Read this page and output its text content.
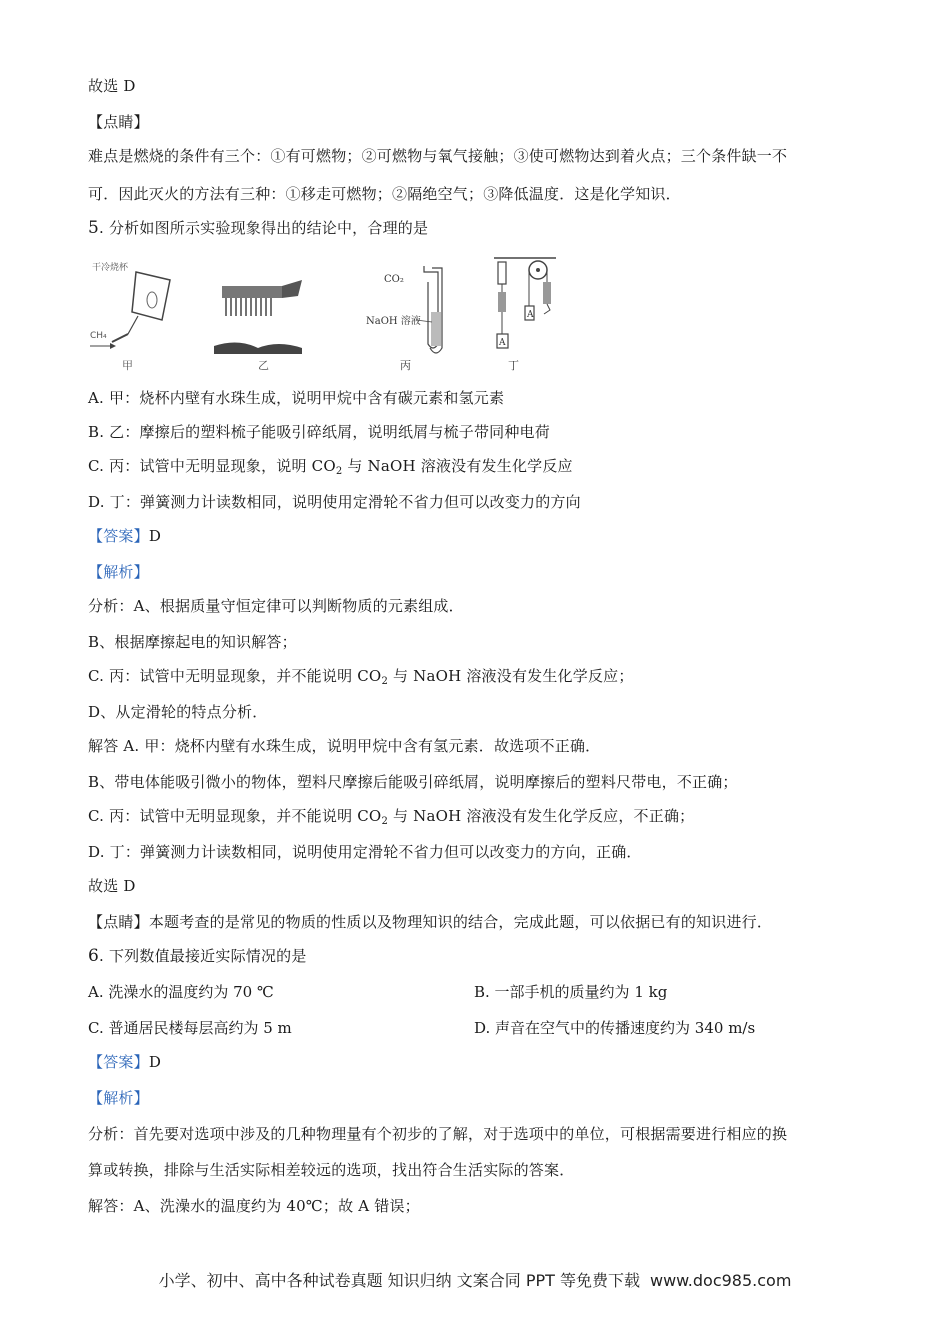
故选 D
【点睛】
难点是燃烧的条件有三个：①有可燃物；②可燃物与氧气接触；③使可燃物达到着火点；三个条件缺一不
可．因此灭火的方法有三种：①移走可燃物；②隔绝空气；③降低温度．这是化学知识．
5. 分析如图所示实验现象得出的结论中，合理的是
干冷烧杯
CH₄
甲	乙
CO₂
NaOH 溶液
丙
A
A
丁
A. 甲：烧杯内壁有水珠生成，说明甲烷中含有碳元素和氢元素
B. 乙：摩擦后的塑料梳子能吸引碎纸屑，说明纸屑与梳子带同种电荷
C. 丙：试管中无明显现象，说明 $CO_2$ 与 NaOH 溶液没有发生化学反应
D. 丁：弹簧测力计读数相同，说明使用定滑轮不省力但可以改变力的方向
【答案】D
【解析】
分析：A、根据质量守恒定律可以判断物质的元素组成．
B、根据摩擦起电的知识解答；
C. 丙：试管中无明显现象，并不能说明 $CO_2$ 与 NaOH 溶液没有发生化学反应；
D、从定滑轮的特点分析．
解答 A. 甲：烧杯内壁有水珠生成，说明甲烷中含有氢元素．故选项不正确．
B、带电体能吸引微小的物体，塑料尺摩擦后能吸引碎纸屑，说明摩擦后的塑料尺带电，不正确；
C. 丙：试管中无明显现象，并不能说明 $CO_2$ 与 NaOH 溶液没有发生化学反应，不正确；
D. 丁：弹簧测力计读数相同，说明使用定滑轮不省力但可以改变力的方向，正确．
故选 D
【点睛】本题考查的是常见的物质的性质以及物理知识的结合，完成此题，可以依据已有的知识进行．
6. 下列数值最接近实际情况的是
A. 洗澡水的温度约为 70 ℃	B. 一部手机的质量约为 1 kg
C. 普通居民楼每层高约为 5 m	D. 声音在空气中的传播速度约为 340 m/s
【答案】D
【解析】
分析：首先要对选项中涉及的几种物理量有个初步的了解，对于选项中的单位，可根据需要进行相应的换
算或转换，排除与生活实际相差较远的选项，找出符合生活实际的答案．
解答：A、洗澡水的温度约为 40℃；故 A 错误；
小学、初中、高中各种试卷真题 知识归纳 文案合同 PPT 等免费下载 www.doc985.com
